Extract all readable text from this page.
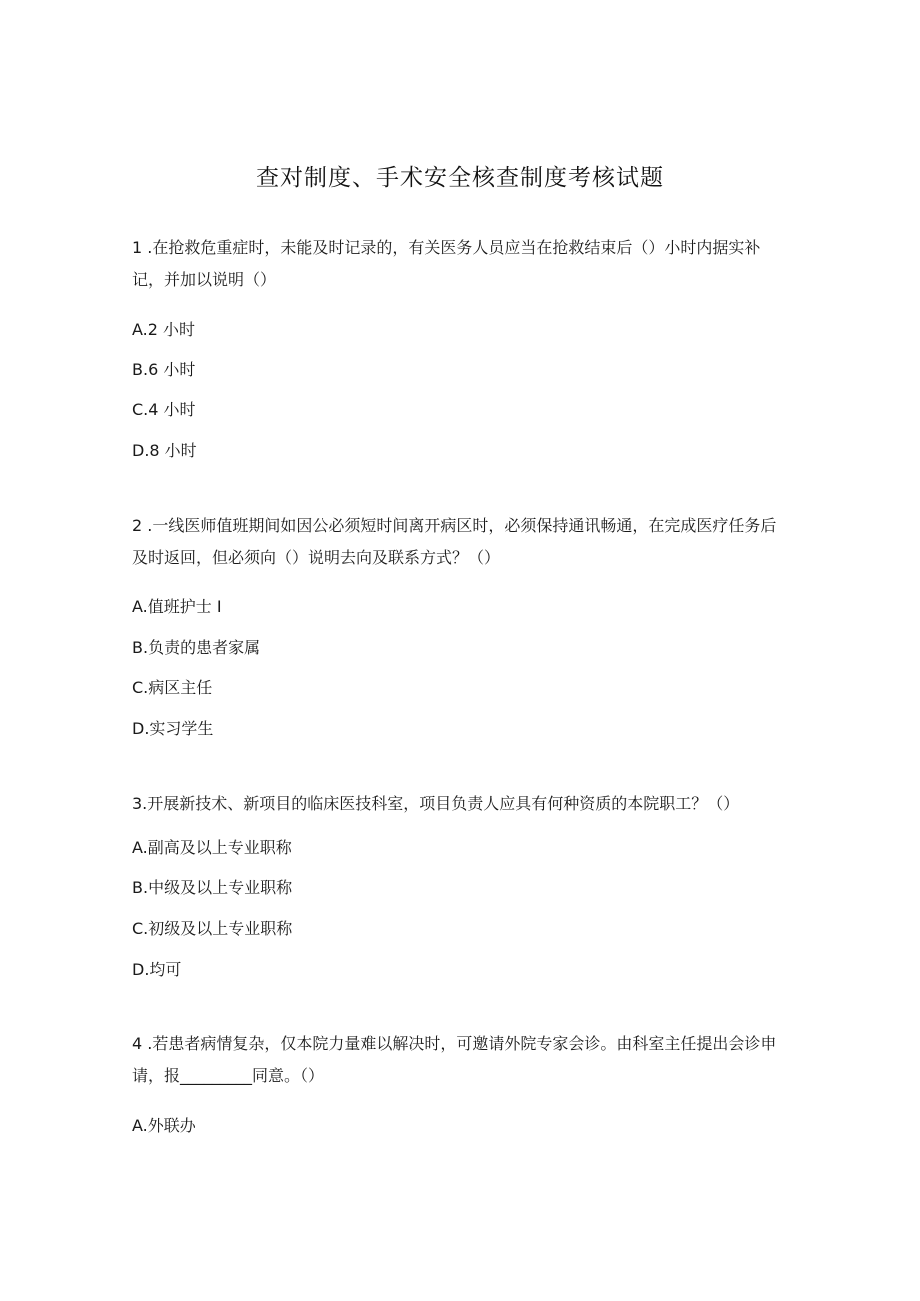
查对制度、手术安全核查制度考核试题

1 .在抢救危重症时，未能及时记录的，有关医务人员应当在抢救结束后（）小时内据实补记，并加以说明（）

A.2 小时

B.6 小时

C.4 小时

D.8 小时

2 .一线医师值班期间如因公必须短时间离开病区时，必须保持通讯畅通，在完成医疗任务后及时返回，但必须向（）说明去向及联系方式？（）

A.值班护士 I

B.负责的患者家属

C.病区主任

D.实习学生

3.开展新技术、新项目的临床医技科室，项目负责人应具有何种资质的本院职工？（）

A.副高及以上专业职称

B.中级及以上专业职称

C.初级及以上专业职称

D.均可

4 .若患者病情复杂，仅本院力量难以解决时，可邀请外院专家会诊。由科室主任提出会诊申请，报_________同意。（）

A.外联办
